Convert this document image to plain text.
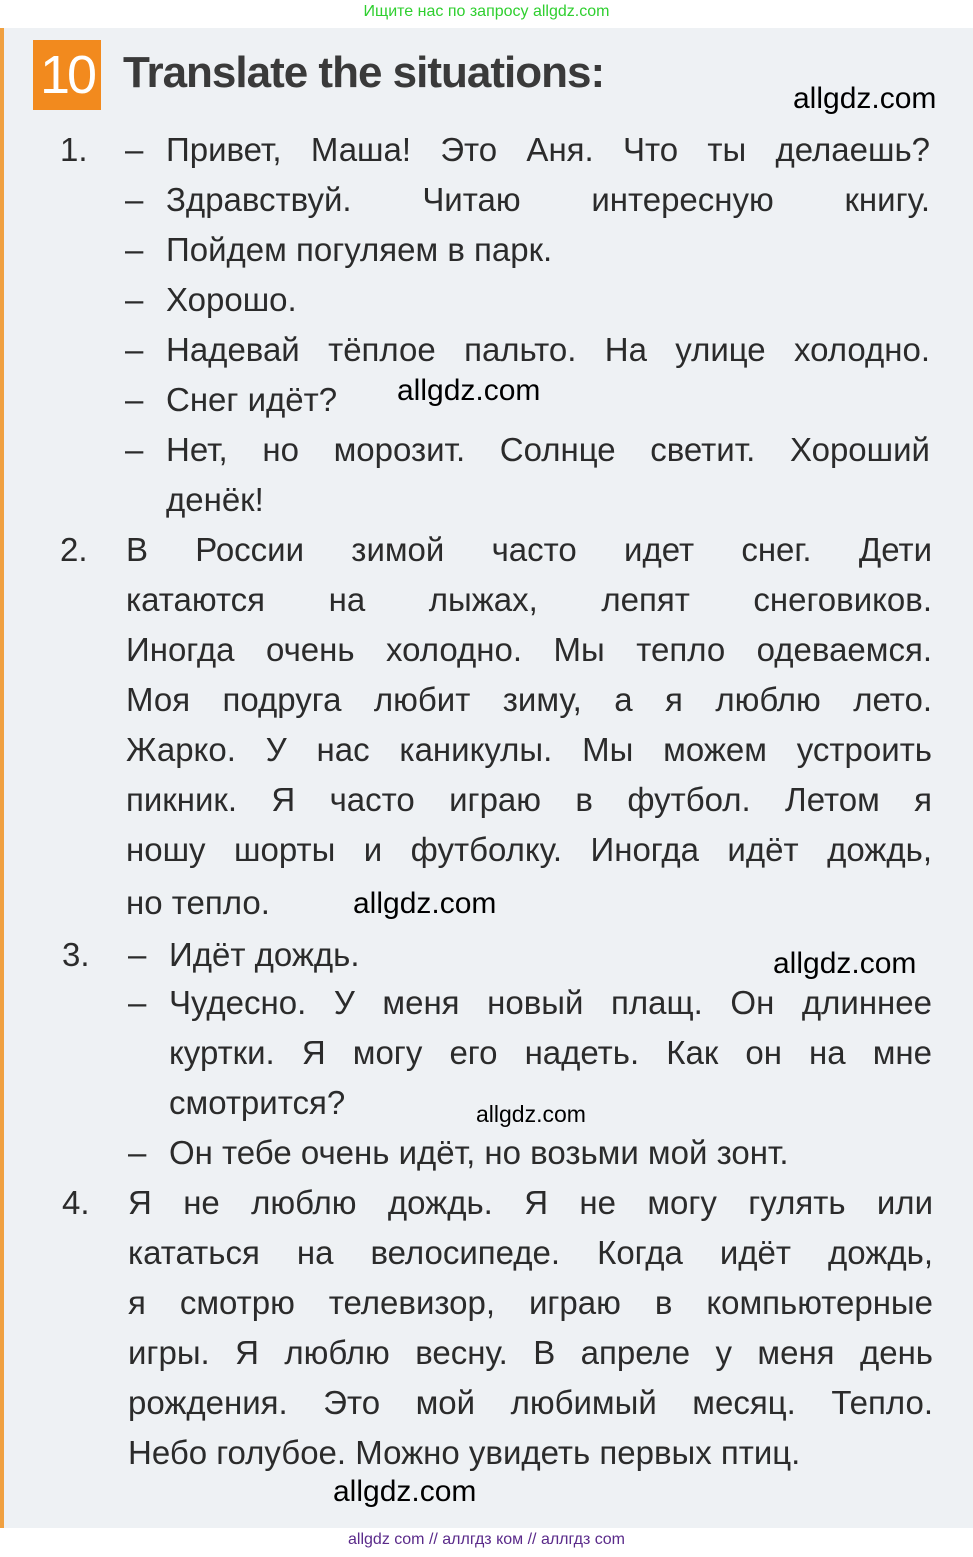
Ищите нас по запросу allgdz.com
10 Translate the situations:
1. – Привет, Маша! Это Аня. Что ты делаешь?
– Здравствуй. Читаю интересную книгу.
– Пойдем погуляем в парк.
– Хорошо.
– Надевай тёплое пальто. На улице холодно.
– Снег идёт?
– Нет, но морозит. Солнце светит. Хороший
денёк!
2. В России зимой часто идет снег. Дети
катаются на лыжах, лепят снеговиков.
Иногда очень холодно. Мы тепло одеваемся.
Моя подруга любит зиму, а я люблю лето.
Жарко. У нас каникулы. Мы можем устроить
пикник. Я часто играю в футбол. Летом я
ношу шорты и футболку. Иногда идёт дождь,
но тепло.
3. – Идёт дождь.
– Чудесно. У меня новый плащ. Он длиннее
куртки. Я могу его надеть. Как он на мне
смотрится?
– Он тебе очень идёт, но возьми мой зонт.
4. Я не люблю дождь. Я не могу гулять или
кататься на велосипеде. Когда идёт дождь,
я смотрю телевизор, играю в компьютерные
игры. Я люблю весну. В апреле у меня день
рождения. Это мой любимый месяц. Тепло.
Небо голубое. Можно увидеть первых птиц.
allgdz.com
allgdz.com
allgdz.com
allgdz.com
allgdz.com
allgdz.com
allgdz com // аллгдз ком // аллгдз com
